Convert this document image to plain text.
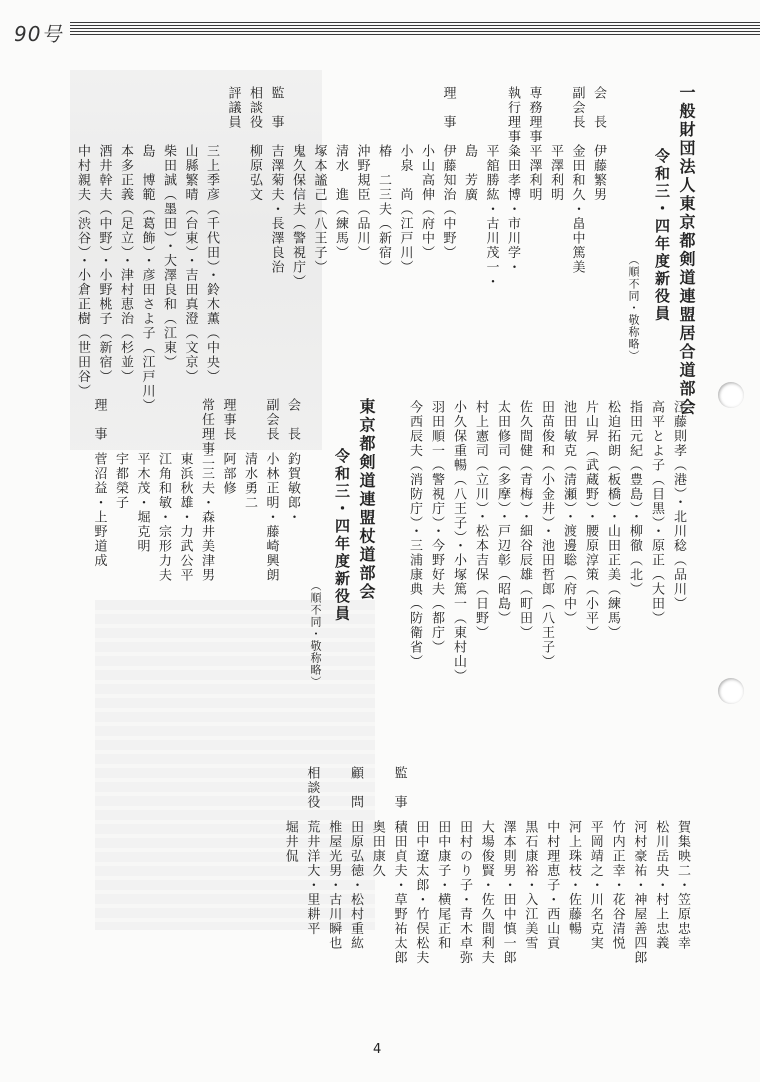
90号
一般財団法人東京都剣道連盟居合道部会
令和三・四年度新役員
（順不同・敬称略）
江藤則孝（港）・北川稔（品川）
高平とよ子（目黒）・原正（大田）
指田元紀（豊島）・柳徹（北）
松迫拓朗（板橋）・山田正美（練馬）
片山昇（武蔵野）・腰原淳策（小平）
池田敏克（清瀬）・渡邊聡（府中）
田苗俊和（小金井）・池田哲郎（八王子）
佐久間健（青梅）・細谷辰雄（町田）
太田修司（多摩）・戸辺彰（昭島）
村上憲司（立川）・松本吉保（日野）
小久保重暢（八王子）・小塚篤一（東村山）
羽田順一（警視庁）・今野好夫（都庁）
今西辰夫（消防庁）・三浦康典（防衛省）
会　長
伊藤繁男
副会長
金田和久・畠中篤美
平澤利明
専務理事
平澤利明
執行理事
粂田孝博・市川学・
平舘勝紘・古川茂一・
島　芳廣
理　事
伊藤知治（中野）
小山高伸（府中）
小泉　尚（江戸川）
椿　二三夫（新宿）
沖野規臣（品川）
清水　進（練馬）
塚本謐己（八王子）
鬼久保信夫（警視庁）
監　事
吉澤菊夫・長澤良治
相談役
柳原弘文
評議員
三上季彦（千代田）・鈴木薫（中央）
山縣繁晴（台東）・吉田真澄（文京）
柴田誠（墨田）・大澤良和（江東）
島　博範（葛飾）・彦田さよ子（江戸川）
本多正義（足立）・津村恵治（杉並）
酒井幹夫（中野）・小野桃子（新宿）
中村親夫（渋谷）・小倉正樹（世田谷）
東京都剣道連盟杖道部会
令和三・四年度新役員
（順不同・敬称略）
会　長
釣賀敏郎・
副会長
小林正明・藤崎興朗
清水勇二
理事長
阿部修
常任理事
二三夫・森井美津男
東浜秋雄・力武公平
江角和敏・宗形力夫
平木茂・堀克明
宇都榮子
理　事
菅沼益・上野道成
賀集映二・笠原忠幸
松川岳央・村上忠義
河村豪祐・神屋善四郎
竹内正幸・花谷清悦
平岡靖之・川名克実
河上珠枝・佐藤暢
中村理恵子・西山貢
黒石康裕・入江美雪
澤本則男・田中慎一郎
大場俊賢・佐久間利夫
田村のり子・青木卓弥
田中康子・横尾正和
田中遼太郎・竹俣松夫
監　事
積田貞夫・草野祐太郎
奥田康久
顧　問
田原弘徳・松村重紘
椎屋光男・古川瞬也
相談役
荒井洋大・里耕平
堀井侃
4
